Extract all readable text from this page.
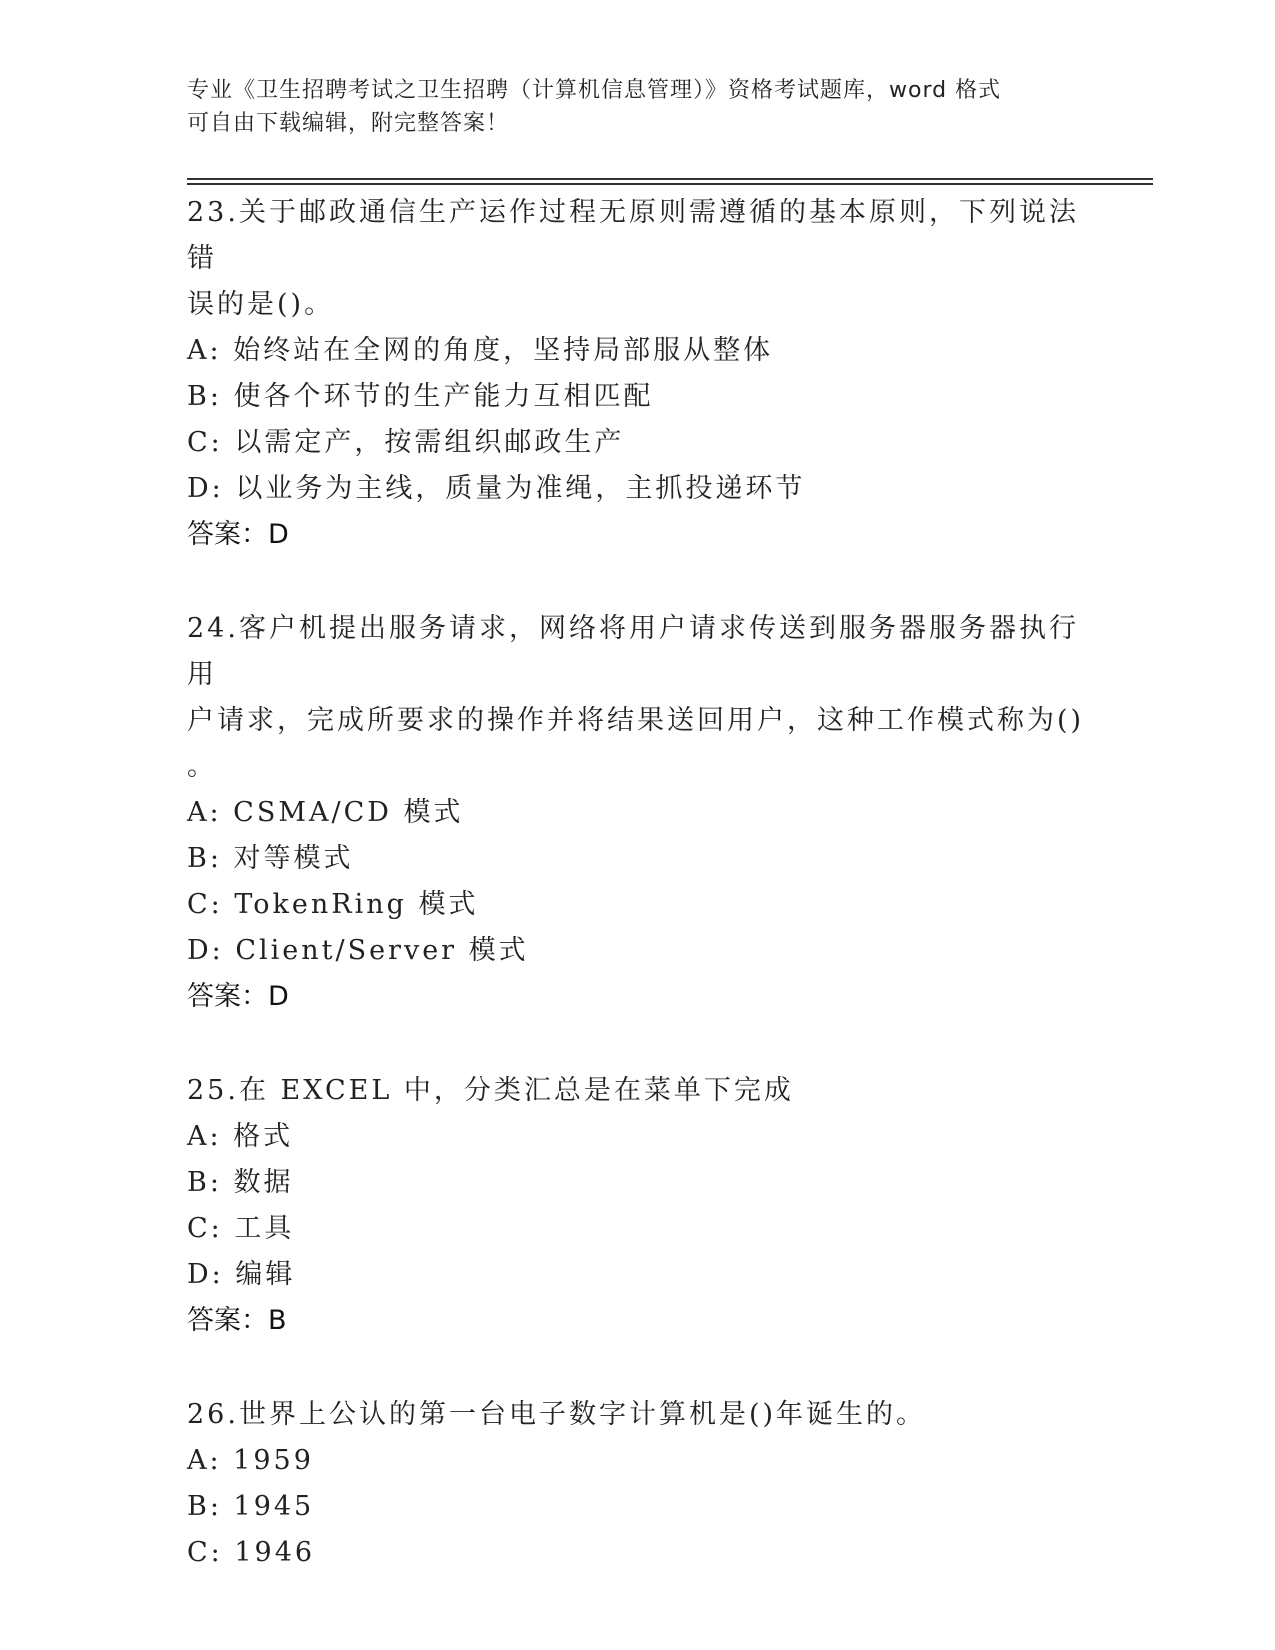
专业《卫生招聘考试之卫生招聘（计算机信息管理）》资格考试题库，word 格式
可自由下载编辑，附完整答案！

23.关于邮政通信生产运作过程无原则需遵循的基本原则，下列说法错

误的是()。

A: 始终站在全网的角度，坚持局部服从整体

B: 使各个环节的生产能力互相匹配

C: 以需定产，按需组织邮政生产

D: 以业务为主线，质量为准绳，主抓投递环节

答案：D

24.客户机提出服务请求，网络将用户请求传送到服务器服务器执行用

户请求，完成所要求的操作并将结果送回用户，这种工作模式称为()

。

A: CSMA/CD 模式

B: 对等模式

C: TokenRing 模式

D: Client/Server 模式

答案：D

25.在 EXCEL 中，分类汇总是在菜单下完成

A: 格式

B: 数据

C: 工具

D: 编辑

答案：B

26.世界上公认的第一台电子数字计算机是()年诞生的。

A: 1959

B: 1945

C: 1946
